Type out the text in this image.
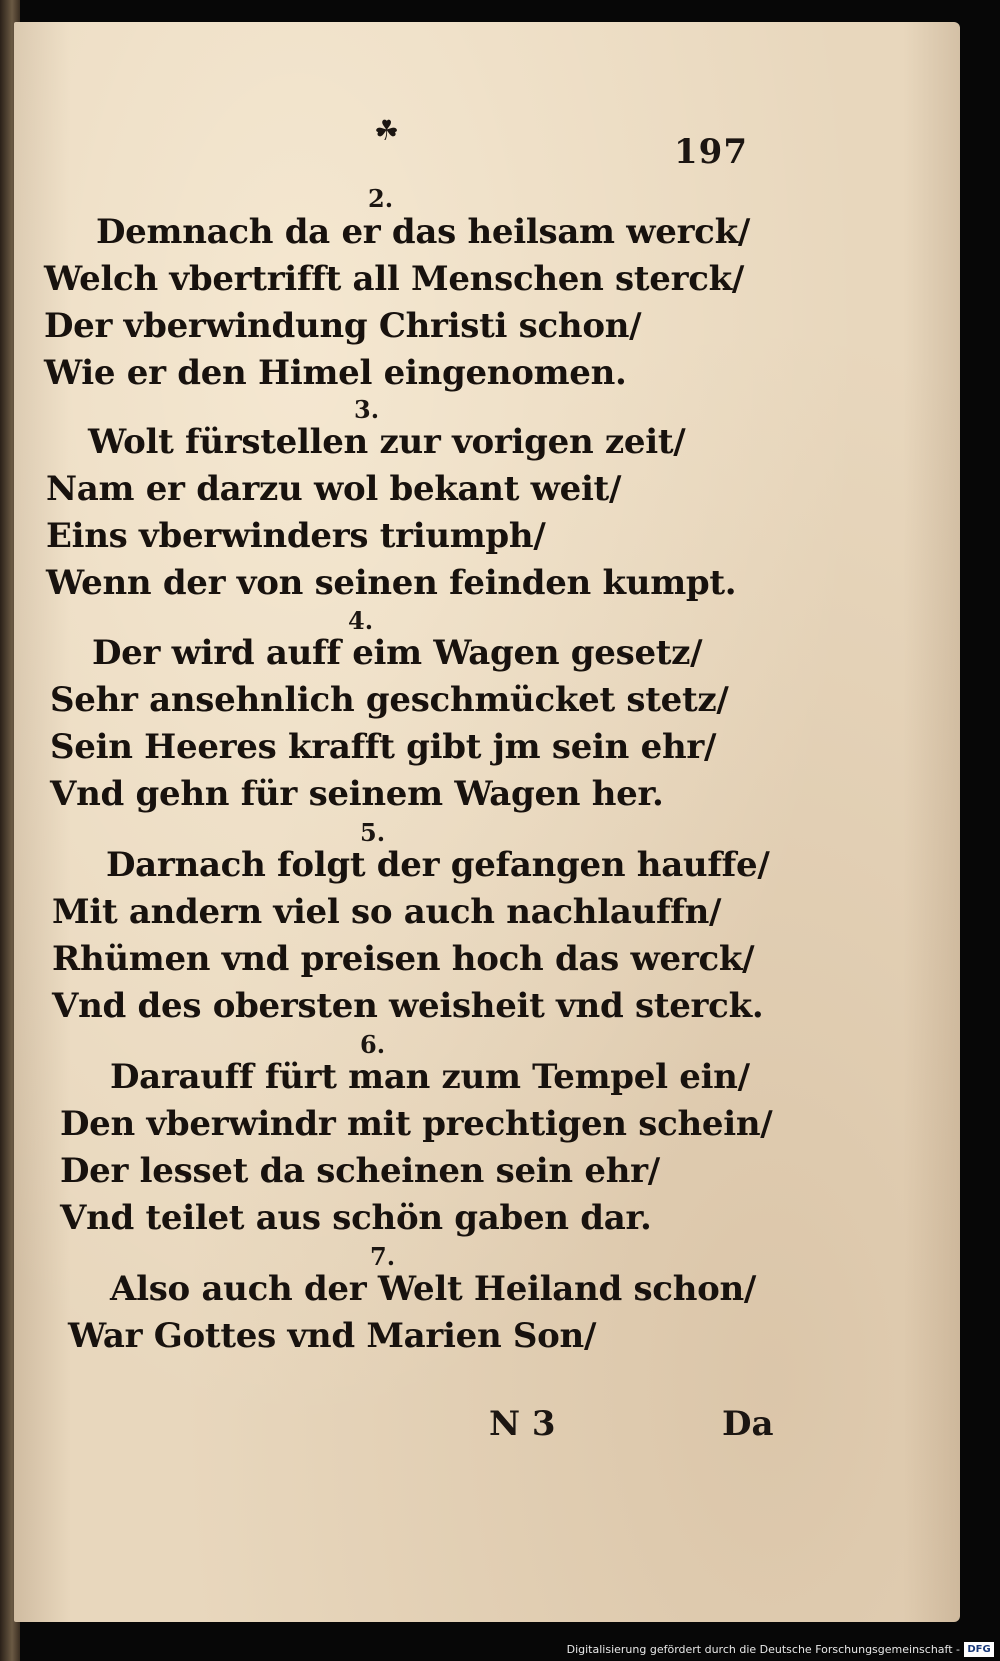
☘
197
2.
Demnach da er das heilsam werck/
Welch vbertrifft all Menschen sterck/
Der vberwindung Christi schon/
Wie er den Himel eingenomen.
3.
Wolt fürstellen zur vorigen zeit/
Nam er darzu wol bekant weit/
Eins vberwinders triumph/
Wenn der von seinen feinden kumpt.
4.
Der wird auff eim Wagen gesetz/
Sehr ansehnlich geschmücket stetz/
Sein Heeres krafft gibt jm sein ehr/
Vnd gehn für seinem Wagen her.
5.
Darnach folgt der gefangen hauffe/
Mit andern viel so auch nachlauffn/
Rhümen vnd preisen hoch das werck/
Vnd des obersten weisheit vnd sterck.
6.
Darauff fürt man zum Tempel ein/
Den vberwindr mit prechtigen schein/
Der lesset da scheinen sein ehr/
Vnd teilet aus schön gaben dar.
7.
Also auch der Welt Heiland schon/
War Gottes vnd Marien Son/
N 3	Da
Digitalisierung gefördert durch die Deutsche Forschungsgemeinschaft - DFG
